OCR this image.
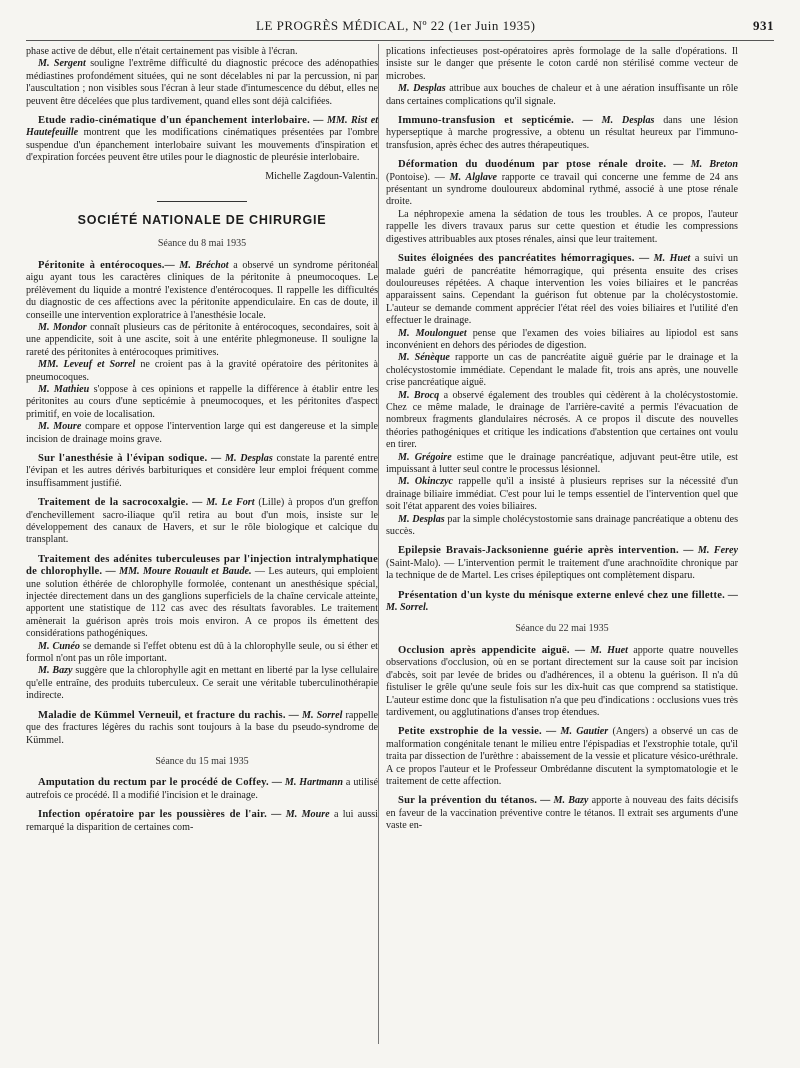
LE PROGRÈS MÉDICAL, Nº 22 (1er Juin 1935)	931

phase active de début, elle n'était certainement pas visible à l'écran.

M. Sergent souligne l'extrême difficulté du diagnostic précoce des adénopathies médiastines profondément situées, qui ne sont décelables ni par la percussion, ni par l'auscultation ; non visibles sous l'écran à leur stade d'intumescence du début, elles ne peuvent être décelées que plus tardivement, quand elles sont déjà calcifiées.

Etude radio-cinématique d'un épanchement interlobaire. — MM. Rist et Hautefeuille montrent que les modifications cinématiques présentées par l'ombre suspendue d'un épanchement interlobaire suivant les mouvements d'inspiration et d'expiration forcées peuvent être utiles pour le diagnostic de pleurésie interlobaire.

Michelle Zagdoun-Valentin.
SOCIÉTÉ NATIONALE DE CHIRURGIE
Séance du 8 mai 1935

Péritonite à entérocoques.— M. Bréchot a observé un syndrome péritonéal aigu ayant tous les caractères cliniques de la péritonite à pneumocoques. Le prélèvement du liquide a montré l'existence d'entérocoques. Il rappelle les difficultés du diagnostic de ces affections avec la péritonite appendiculaire. En cas de doute, il conseille une intervention exploratrice à l'anesthésie locale.

M. Mondor connaît plusieurs cas de péritonite à entérocoques, secondaires, soit à une appendicite, soit à une ascite, soit à une entérite phlegmoneuse. Il souligne la rareté des péritonites à entérocoques primitives.

MM. Leveuf et Sorrel ne croient pas à la gravité opératoire des péritonites à pneumocoques.

M. Mathieu s'oppose à ces opinions et rappelle la différence à établir entre les péritonites au cours d'une septicémie à pneumocoques, et les péritonites d'aspect primitif, en voie de localisation.

M. Moure compare et oppose l'intervention large qui est dangereuse et la simple incision de drainage moins grave.

Sur l'anesthésie à l'évipan sodique. — M. Desplas constate la parenté entre l'évipan et les autres dérivés barbituriques et considère leur emploi fréquent comme insuffisamment justifié.

Traitement de la sacrocoxalgie. — M. Le Fort (Lille) à propos d'un greffon d'enchevillement sacro-iliaque qu'il retira au bout d'un mois, insiste sur le développement des canaux de Havers, et sur le rôle biologique et calcique du transplant.

Traitement des adénites tuberculeuses par l'injection intralymphatique de chlorophylle. — MM. Moure Rouault et Baude. — Les auteurs, qui emploient une solution éthérée de chlorophylle formolée, contenant un anesthésique spécial, injectée directement dans un des ganglions superficiels de la chaîne cervicale atteinte, apportent une statistique de 112 cas avec des résultats favorables. Le traitement amènerait la guérison après trois mois environ. A ce propos ils émettent des considérations pathogéniques.

M. Cunéo se demande si l'effet obtenu est dû à la chlorophylle seule, ou si éther et formol n'ont pas un rôle important.

M. Bazy suggère que la chlorophylle agit en mettant en liberté par la lyse cellulaire qu'elle entraîne, des produits tuberculeux. Ce serait une véritable tuberculinothérapie indirecte.

Maladie de Kümmel Verneuil, et fracture du rachis. — M. Sorrel rappelle que des fractures légères du rachis sont toujours à la base du pseudo-syndrome de Kümmel.

Séance du 15 mai 1935

Amputation du rectum par le procédé de Coffey. — M. Hartmann a utilisé autrefois ce procédé. Il a modifié l'incision et le drainage.

Infection opératoire par les poussières de l'air. — M. Moure a lui aussi remarqué la disparition de certaines com-

plications infectieuses post-opératoires après formolage de la salle d'opérations. Il insiste sur le danger que présente le coton cardé non stérilisé comme vecteur de microbes.

M. Desplas attribue aux bouches de chaleur et à une aération insuffisante un rôle dans certaines complications qu'il signale.

Immuno-transfusion et septicémie. — M. Desplas dans une lésion hyperseptique à marche progressive, a obtenu un résultat heureux par l'immuno-transfusion, après échec des autres thérapeutiques.

Déformation du duodénum par ptose rénale droite. — M. Breton (Pontoise). — M. Alglave rapporte ce travail qui concerne une femme de 24 ans présentant un syndrome douloureux abdominal rythmé, associé à une ptose rénale droite.

La néphropexie amena la sédation de tous les troubles. A ce propos, l'auteur rappelle les divers travaux parus sur cette question et étudie les compressions digestives attribuables aux ptoses rénales, ainsi que leur traitement.

Suites éloignées des pancréatites hémorragiques. — M. Huet a suivi un malade guéri de pancréatite hémorragique, qui présenta ensuite des crises douloureuses répétées. A chaque intervention les voies biliaires et le pancréas apparaissent sains. Cependant la guérison fut obtenue par la cholécystostomie. L'auteur se demande comment apprécier l'état réel des voies biliaires et l'utilité d'en effectuer le drainage.

M. Moulonguet pense que l'examen des voies biliaires au lipiodol est sans inconvénient en dehors des périodes de digestion.

M. Sénèque rapporte un cas de pancréatite aiguë guérie par le drainage et la cholécystostomie immédiate. Cependant le malade fit, trois ans après, une nouvelle crise pancréatique aiguë.

M. Brocq a observé également des troubles qui cèdèrent à la cholécystostomie. Chez ce même malade, le drainage de l'arrière-cavité a permis l'évacuation de nombreux fragments glandulaires nécrosés. A ce propos il discute des nouvelles théories pathogéniques et critique les indications d'abstention que certaines ont voulu en tirer.

M. Grégoire estime que le drainage pancréatique, adjuvant peut-être utile, est impuissant à lutter seul contre le processus lésionnel.

M. Okinczyc rappelle qu'il a insisté à plusieurs reprises sur la nécessité d'un drainage biliaire immédiat. C'est pour lui le temps essentiel de l'intervention quel que soit l'état apparent des voies biliaires.

M. Desplas par la simple cholécystostomie sans drainage pancréatique a obtenu des succès.

Epilepsie Bravais-Jacksonienne guérie après intervention. — M. Ferey (Saint-Malo). — L'intervention permit le traitement d'une arachnoïdite chronique par la technique de de Martel. Les crises épileptiques ont complètement disparu.

Présentation d'un kyste du ménisque externe enlevé chez une fillette. — M. Sorrel.

Séance du 22 mai 1935

Occlusion après appendicite aiguë. — M. Huet apporte quatre nouvelles observations d'occlusion, où en se portant directement sur la cause soit par incision d'abcès, soit par levée de brides ou d'adhérences, il a obtenu la guérison. Il n'a dû fistuliser le grêle qu'une seule fois sur les dix-huit cas que comprend sa statistique. L'auteur estime donc que la fistulisation n'a que peu d'indications : occlusions vues très tardivement, ou agglutinations d'anses trop étendues.

Petite exstrophie de la vessie. — M. Gautier (Angers) a observé un cas de malformation congénitale tenant le milieu entre l'épispadias et l'exstrophie totale, qu'il traita par dissection de l'urèthre : abaissement de la vessie et plicature vésico-uréthrale. A ce propos l'auteur et le Professeur Ombrédanne discutent la symptomatologie et le traitement de cette affection.

Sur la prévention du tétanos. — M. Bazy apporte à nouveau des faits décisifs en faveur de la vaccination préventive contre le tétanos. Il extrait ses arguments d'une vaste en-
